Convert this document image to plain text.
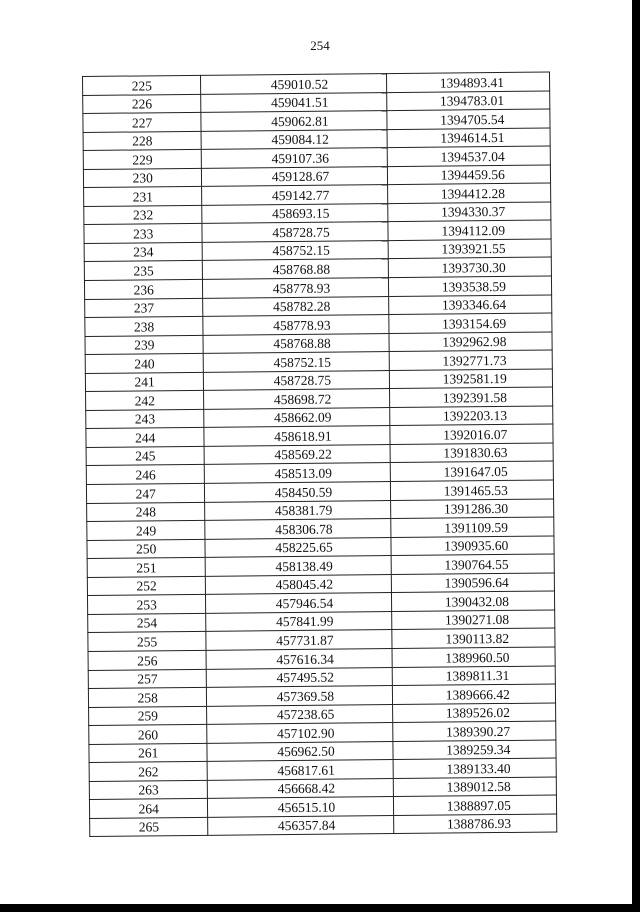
254
225	459010.52	1394893.41
226	459041.51	1394783.01
227	459062.81	1394705.54
228	459084.12	1394614.51
229	459107.36	1394537.04
230	459128.67	1394459.56
231	459142.77	1394412.28
232	458693.15	1394330.37
233	458728.75	1394112.09
234	458752.15	1393921.55
235	458768.88	1393730.30
236	458778.93	1393538.59
237	458782.28	1393346.64
238	458778.93	1393154.69
239	458768.88	1392962.98
240	458752.15	1392771.73
241	458728.75	1392581.19
242	458698.72	1392391.58
243	458662.09	1392203.13
244	458618.91	1392016.07
245	458569.22	1391830.63
246	458513.09	1391647.05
247	458450.59	1391465.53
248	458381.79	1391286.30
249	458306.78	1391109.59
250	458225.65	1390935.60
251	458138.49	1390764.55
252	458045.42	1390596.64
253	457946.54	1390432.08
254	457841.99	1390271.08
255	457731.87	1390113.82
256	457616.34	1389960.50
257	457495.52	1389811.31
258	457369.58	1389666.42
259	457238.65	1389526.02
260	457102.90	1389390.27
261	456962.50	1389259.34
262	456817.61	1389133.40
263	456668.42	1389012.58
264	456515.10	1388897.05
265	456357.84	1388786.93
